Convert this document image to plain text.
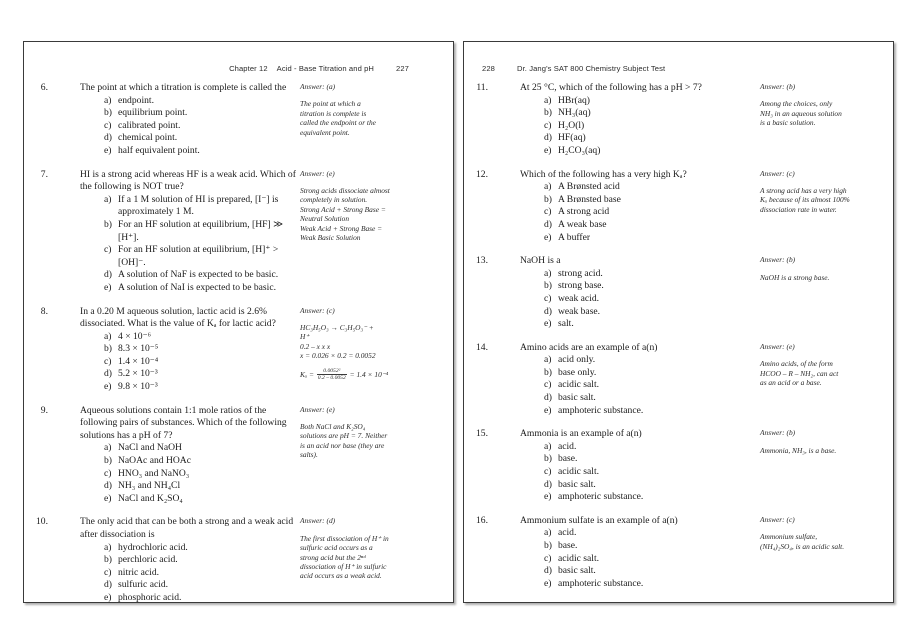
Chapter 12 Acid - Base Titration and pH	227
6.	The point at which a titration is complete is called the
a) endpoint.
b) equilibrium point.
c) calibrated point.
d) chemical point.
e) half equivalent point.
Answer: (a)
The point at which a
titration is complete is
called the endpoint or the
equivalent point.
7.	HI is a strong acid whereas HF is a weak acid. Which of the following is NOT true?
a) If a 1 M solution of HI is prepared, [I⁻] is approximately 1 M.
b) For an HF solution at equilibrium, [HF] ≫ [H⁺].
c) For an HF solution at equilibrium, [H]⁺ > [OH]⁻.
d) A solution of NaF is expected to be basic.
e) A solution of NaI is expected to be basic.
Answer: (e)
Strong acids dissociate almost
completely in solution.
Strong Acid + Strong Base =
Neutral Solution
Weak Acid + Strong Base =
Weak Basic Solution
8.	In a 0.20 M aqueous solution, lactic acid is 2.6% dissociated. What is the value of Kₐ for lactic acid?
a) 4 × 10⁻⁶
b) 8.3 × 10⁻⁵
c) 1.4 × 10⁻⁴
d) 5.2 × 10⁻³
e) 9.8 × 10⁻³
Answer: (c)
HC₃H₅O₃ → C₃H₅O₃⁻ +
H⁺
0.2 – x x x
x = 0.026 × 0.2 = 0.0052
$K_a = \frac{\text{0.0052²}}{0.2 - 0.0052} = 1.4 \times 10^{-4}$
9.	Aqueous solutions contain 1:1 mole ratios of the following pairs of substances. Which of the following solutions has a pH of 7?
a) NaCl and NaOH
b) NaOAc and HOAc
c) HNO₃ and NaNO₃
d) NH₃ and NH₄Cl
e) NaCl and K₂SO₄
Answer: (e)
Both NaCl and K₂SO₄
solutions are pH = 7. Neither
is an acid nor base (they are
salts).
10.	The only acid that can be both a strong and a weak acid after dissociation is
a) hydrochloric acid.
b) perchloric acid.
c) nitric acid.
d) sulfuric acid.
e) phosphoric acid.
Answer: (d)
The first dissociation of H⁺ in
sulfuric acid occurs as a
strong acid but the 2ⁿᵈ
dissociation of H⁺ in sulfuric
acid occurs as a weak acid.
228	Dr. Jang's SAT 800 Chemistry Subject Test
11.	At 25 °C, which of the following has a pH > 7?
a) HBr(aq)
b) NH₃(aq)
c) H₂O(l)
d) HF(aq)
e) H₂CO₃(aq)
Answer: (b)
Among the choices, only
NH₃ in an aqueous solution
is a basic solution.
12.	Which of the following has a very high Kₐ?
a) A Brønsted acid
b) A Brønsted base
c) A strong acid
d) A weak base
e) A buffer
Answer: (c)
A strong acid has a very high
Kₐ because of its almost 100%
dissociation rate in water.
13.	NaOH is a
a) strong acid.
b) strong base.
c) weak acid.
d) weak base.
e) salt.
Answer: (b)
NaOH is a strong base.
14.	Amino acids are an example of a(n)
a) acid only.
b) base only.
c) acidic salt.
d) basic salt.
e) amphoteric substance.
Answer: (e)
Amino acids, of the form
HCOO – R – NH₂, can act
as an acid or a base.
15.	Ammonia is an example of a(n)
a) acid.
b) base.
c) acidic salt.
d) basic salt.
e) amphoteric substance.
Answer: (b)
Ammonia, NH₃, is a base.
16.	Ammonium sulfate is an example of a(n)
a) acid.
b) base.
c) acidic salt.
d) basic salt.
e) amphoteric substance.
Answer: (c)
Ammonium sulfate,
(NH₄)₂SO₄, is an acidic salt.
